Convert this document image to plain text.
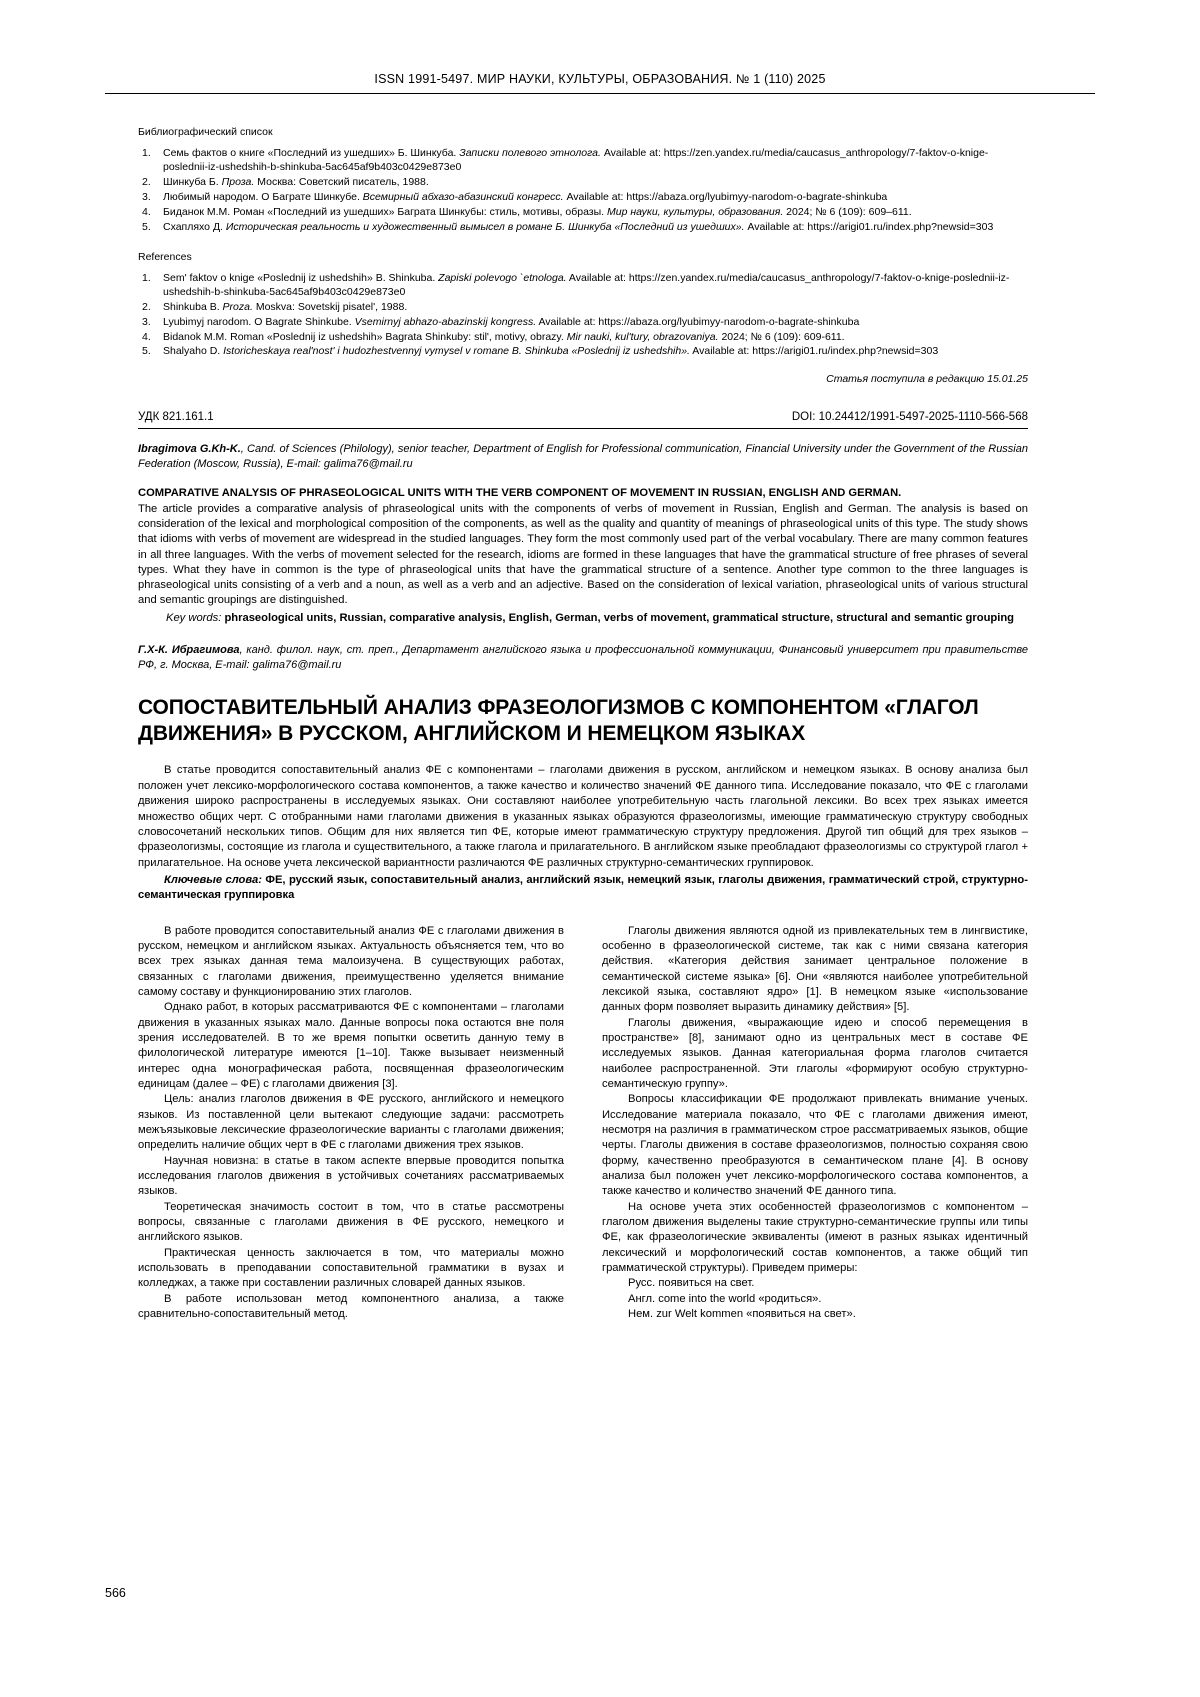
ISSN 1991-5497. МИР НАУКИ, КУЛЬТУРЫ, ОБРАЗОВАНИЯ. № 1 (110) 2025
Библиографический список
1. Семь фактов о книге «Последний из ушедших» Б. Шинкуба. Записки полевого этнолога. Available at: https://zen.yandex.ru/media/caucasus_anthropology/7-faktov-o-knige-poslednii-iz-ushedshih-b-shinkuba-5ac645af9b403c0429e873e0
2. Шинкуба Б. Проза. Москва: Советский писатель, 1988.
3. Любимый народом. О Баграте Шинкубе. Всемирный абхазо-абазинский конгресс. Available at: https://abaza.org/lyubimyy-narodom-o-bagrate-shinkuba
4. Биданок М.М. Роман «Последний из ушедших» Баграта Шинкубы: стиль, мотивы, образы. Мир науки, культуры, образования. 2024; № 6 (109): 609–611.
5. Схапляхо Д. Историческая реальность и художественный вымысел в романе Б. Шинкуба «Последний из ушедших». Available at: https://arigi01.ru/index.php?newsid=303
References
1. Sem' faktov o knige «Poslednij iz ushedshih» B. Shinkuba. Zapiski polevogo `etnologa. Available at: https://zen.yandex.ru/media/caucasus_anthropology/7-faktov-o-knige-poslednii-iz-ushedshih-b-shinkuba-5ac645af9b403c0429e873e0
2. Shinkuba B. Proza. Moskva: Sovetskij pisatel', 1988.
3. Lyubimyj narodom. O Bagrate Shinkube. Vsemirnyj abhazo-abazinskij kongress. Available at: https://abaza.org/lyubimyy-narodom-o-bagrate-shinkuba
4. Bidanok M.M. Roman «Poslednij iz ushedshih» Bagrata Shinkuby: stil', motivy, obrazy. Mir nauki, kul'tury, obrazovaniya. 2024; № 6 (109): 609-611.
5. Shalyaho D. Istoricheskaya real'nost' i hudozhestvennyj vymysel v romane B. Shinkuba «Poslednij iz ushedshih». Available at: https://arigi01.ru/index.php?newsid=303
Статья поступила в редакцию 15.01.25
УДК 821.161.1	DOI: 10.24412/1991-5497-2025-1110-566-568
Ibragimova G.Kh-K., Cand. of Sciences (Philology), senior teacher, Department of English for Professional communication, Financial University under the Government of the Russian Federation (Moscow, Russia), E-mail: galima76@mail.ru
COMPARATIVE ANALYSIS OF PHRASEOLOGICAL UNITS WITH THE VERB COMPONENT OF MOVEMENT IN RUSSIAN, ENGLISH AND GERMAN.
The article provides a comparative analysis of phraseological units with the components of verbs of movement in Russian, English and German. The analysis is based on consideration of the lexical and morphological composition of the components, as well as the quality and quantity of meanings of phraseological units of this type. The study shows that idioms with verbs of movement are widespread in the studied languages. They form the most commonly used part of the verbal vocabulary. There are many common features in all three languages. With the verbs of movement selected for the research, idioms are formed in these languages that have the grammatical structure of free phrases of several types. What they have in common is the type of phraseological units that have the grammatical structure of a sentence. Another type common to the three languages is phraseological units consisting of a verb and a noun, as well as a verb and an adjective. Based on the consideration of lexical variation, phraseological units of various structural and semantic groupings are distinguished.
Key words: phraseological units, Russian, comparative analysis, English, German, verbs of movement, grammatical structure, structural and semantic grouping
Г.Х-К. Ибрагимова, канд. филол. наук, ст. преп., Департамент английского языка и профессиональной коммуникации, Финансовый университет при правительстве РФ, г. Москва, E-mail: galima76@mail.ru
СОПОСТАВИТЕЛЬНЫЙ АНАЛИЗ ФРАЗЕОЛОГИЗМОВ С КОМПОНЕНТОМ «ГЛАГОЛ ДВИЖЕНИЯ» В РУССКОМ, АНГЛИЙСКОМ И НЕМЕЦКОМ ЯЗЫКАХ
В статье проводится сопоставительный анализ ФЕ с компонентами – глаголами движения в русском, английском и немецком языках. В основу анализа был положен учет лексико-морфологического состава компонентов, а также качество и количество значений ФЕ данного типа. Исследование показало, что ФЕ с глаголами движения широко распространены в исследуемых языках. Они составляют наиболее употребительную часть глагольной лексики. Во всех трех языках имеется множество общих черт. С отобранными нами глаголами движения в указанных языках образуются фразеологизмы, имеющие грамматическую структуру свободных словосочетаний нескольких типов. Общим для них является тип ФЕ, которые имеют грамматическую структуру предложения. Другой тип общий для трех языков – фразеологизмы, состоящие из глагола и существительного, а также глагола и прилагательного. В английском языке преобладают фразеологизмы со структурой глагол + прилагательное. На основе учета лексической вариантности различаются ФЕ различных структурно-семантических группировок.
Ключевые слова: ФЕ, русский язык, сопоставительный анализ, английский язык, немецкий язык, глаголы движения, грамматический строй, структурно-семантическая группировка

В работе проводится сопоставительный анализ ФЕ с глаголами движения в русском, немецком и английском языках. Актуальность объясняется тем, что во всех трех языках данная тема малоизучена. В существующих работах, связанных с глаголами движения, преимущественно уделяется внимание самому составу и функционированию этих глаголов.

Однако работ, в которых рассматриваются ФЕ с компонентами – глаголами движения в указанных языках мало. Данные вопросы пока остаются вне поля зрения исследователей. В то же время попытки осветить данную тему в филологической литературе имеются [1–10]. Также вызывает неизменный интерес одна монографическая работа, посвященная фразеологическим единицам (далее – ФЕ) с глаголами движения [3].

Цель: анализ глаголов движения в ФЕ русского, английского и немецкого языков. Из поставленной цели вытекают следующие задачи: рассмотреть межъязыковые лексические фразеологические варианты с глаголами движения; определить наличие общих черт в ФЕ с глаголами движения трех языков.

Научная новизна: в статье в таком аспекте впервые проводится попытка исследования глаголов движения в устойчивых сочетаниях рассматриваемых языков.

Теоретическая значимость состоит в том, что в статье рассмотрены вопросы, связанные с глаголами движения в ФЕ русского, немецкого и английского языков.

Практическая ценность заключается в том, что материалы можно использовать в преподавании сопоставительной грамматики в вузах и колледжах, а также при составлении различных словарей данных языков.

В работе использован метод компонентного анализа, а также сравнительно-сопоставительный метод.

Глаголы движения являются одной из привлекательных тем в лингвистике, особенно в фразеологической системе, так как с ними связана категория действия. «Категория действия занимает центральное положение в семантической системе языка» [6]. Они «являются наиболее употребительной лексикой языка, составляют ядро» [1]. В немецком языке «использование данных форм позволяет выразить динамику действия» [5].

Глаголы движения, «выражающие идею и способ перемещения в пространстве» [8], занимают одно из центральных мест в составе ФЕ исследуемых языков. Данная категориальная форма глаголов считается наиболее распространенной. Эти глаголы «формируют особую структурно-семантическую группу».

Вопросы классификации ФЕ продолжают привлекать внимание ученых. Исследование материала показало, что ФЕ с глаголами движения имеют, несмотря на различия в грамматическом строе рассматриваемых языков, общие черты. Глаголы движения в составе фразеологизмов, полностью сохраняя свою форму, качественно преобразуются в семантическом плане [4]. В основу анализа был положен учет лексико-морфологического состава компонентов, а также качество и количество значений ФЕ данного типа.

На основе учета этих особенностей фразеологизмов с компонентом – глаголом движения выделены такие структурно-семантические группы или типы ФЕ, как фразеологические эквиваленты (имеют в разных языках идентичный лексический и морфологический состав компонентов, а также общий тип грамматической структуры). Приведем примеры:

Русс. появиться на свет.

Англ. come into the world «родиться».

Нем. zur Welt kommen «появиться на свет».

566
